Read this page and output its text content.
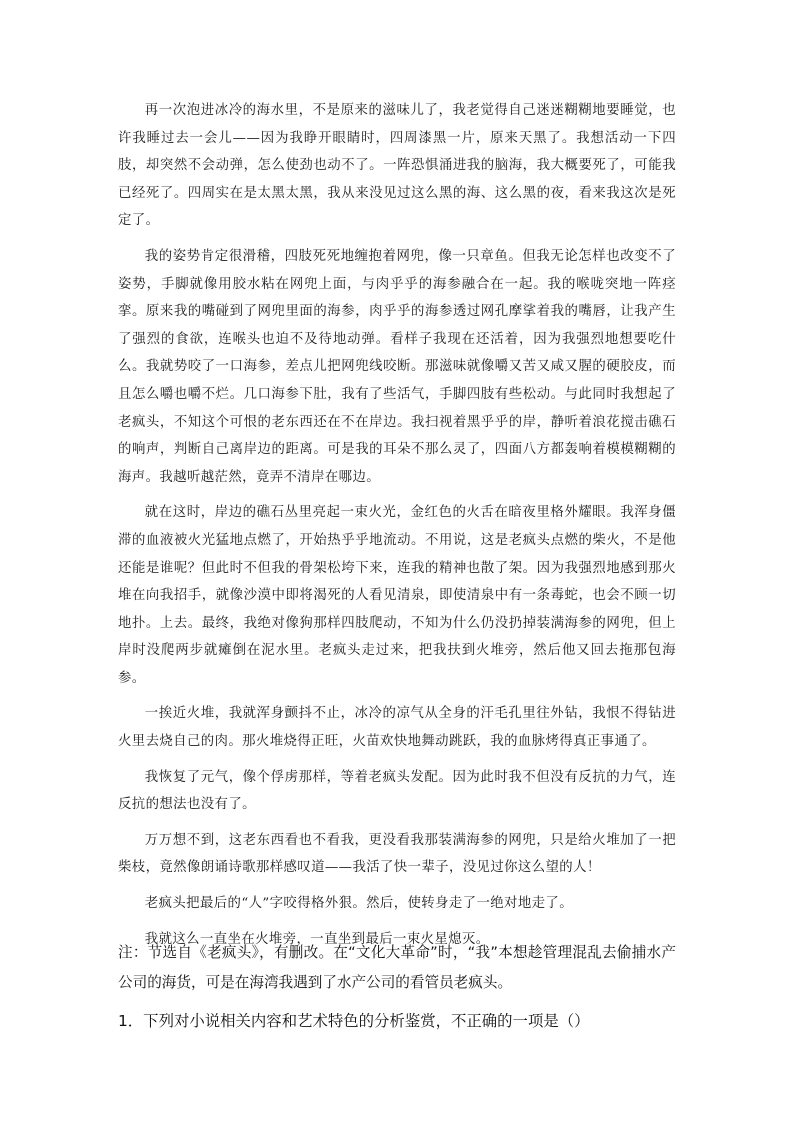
再一次泡进冰冷的海水里，不是原来的滋味儿了，我老觉得自己迷迷糊糊地要睡觉，也许我睡过去一会儿——因为我睁开眼睛时，四周漆黑一片，原来天黑了。我想活动一下四肢，却突然不会动弹，怎么使劲也动不了。一阵恐惧涌进我的脑海，我大概要死了，可能我已经死了。四周实在是太黑太黑，我从来没见过这么黑的海、这么黑的夜，看来我这次是死定了。

我的姿势肯定很滑稽，四肢死死地缠抱着网兜，像一只章鱼。但我无论怎样也改变不了姿势，手脚就像用胶水粘在网兜上面，与肉乎乎的海参融合在一起。我的喉咙突地一阵痉挛。原来我的嘴碰到了网兜里面的海参，肉乎乎的海参透过网孔摩挲着我的嘴唇，让我产生了强烈的食欲，连喉头也迫不及待地动弹。看样子我现在还活着，因为我强烈地想要吃什么。我就势咬了一口海参，差点儿把网兜线咬断。那滋味就像嚼又苦又咸又腥的硬胶皮，而且怎么嚼也嚼不烂。几口海参下肚，我有了些活气，手脚四肢有些松动。与此同时我想起了老疯头，不知这个可恨的老东西还在不在岸边。我扫视着黑乎乎的岸，静听着浪花搅击礁石的响声，判断自己离岸边的距离。可是我的耳朵不那么灵了，四面八方都轰响着模模糊糊的海声。我越听越茫然，竟弄不清岸在哪边。

就在这时，岸边的礁石丛里亮起一束火光，金红色的火舌在暗夜里格外耀眼。我浑身僵滞的血液被火光猛地点燃了，开始热乎乎地流动。不用说，这是老疯头点燃的柴火，不是他还能是谁呢？但此时不但我的骨架松垮下来，连我的精神也散了架。因为我强烈地感到那火堆在向我招手，就像沙漠中即将渴死的人看见清泉，即使清泉中有一条毒蛇，也会不顾一切地扑。上去。最终，我绝对像狗那样四肢爬动，不知为什么仍没扔掉装满海参的网兜，但上岸时没爬两步就瘫倒在泥水里。老疯头走过来，把我扶到火堆旁，然后他又回去拖那包海参。

一挨近火堆，我就浑身颤抖不止，冰冷的凉气从全身的汗毛孔里往外钻，我恨不得钻进火里去烧自己的肉。那火堆烧得正旺，火苗欢快地舞动跳跃，我的血脉烤得真正事通了。

我恢复了元气，像个俘虏那样，等着老疯头发配。因为此时我不但没有反抗的力气，连反抗的想法也没有了。

万万想不到，这老东西看也不看我，更没看我那装满海参的网兜，只是给火堆加了一把柴枝，竟然像朗诵诗歌那样感叹道——我活了快一辈子，没见过你这么望的人！

老疯头把最后的“人”字咬得格外狠。然后，使转身走了一绝对地走了。

我就这么一直坐在火堆旁，一直坐到最后一束火星熄灭。

注：节选自《老疯头》，有删改。在“文化大革命”时，“我”本想趁管理混乱去偷捕水产公司的海货，可是在海湾我遇到了水产公司的看管员老疯头。

1．下列对小说相关内容和艺术特色的分析鉴赏，不正确的一项是（）
